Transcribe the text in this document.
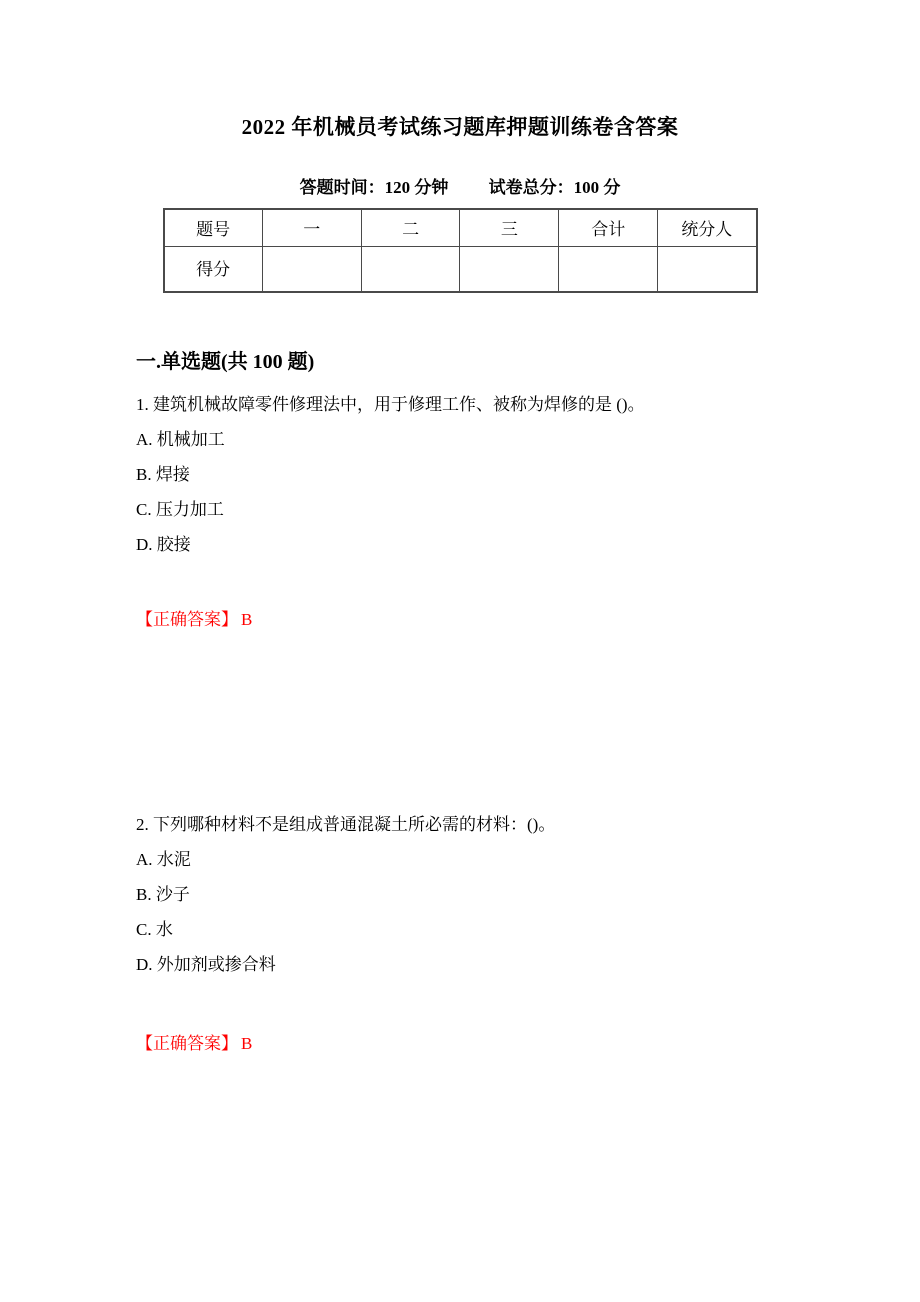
2022 年机械员考试练习题库押题训练卷含答案
答题时间：120 分钟 试卷总分：100 分
题号	一	二	三	合计	统分人
得分					
一.单选题(共 100 题)
1. 建筑机械故障零件修理法中，用于修理工作、被称为焊修的是 ()。
A. 机械加工
B. 焊接
C. 压力加工
D. 胶接
【正确答案】 B
2. 下列哪种材料不是组成普通混凝土所必需的材料：()。
A. 水泥
B. 沙子
C. 水
D. 外加剂或掺合料
【正确答案】 B
